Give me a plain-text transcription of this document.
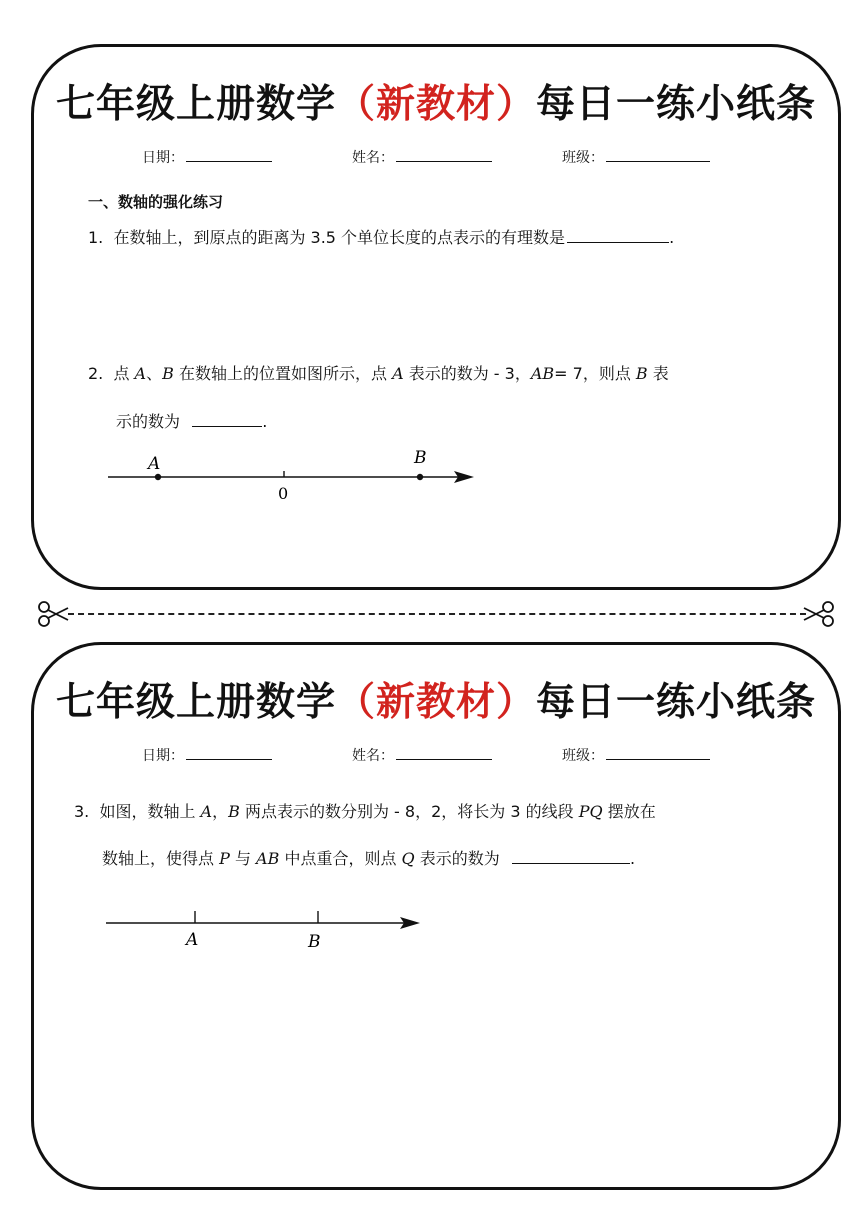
七年级上册数学（新教材）每日一练小纸条
日期：	姓名：	班级：
一、数轴的强化练习
1. 在数轴上，到原点的距离为 3.5 个单位长度的点表示的有理数是	.
2. 点 A、B 在数轴上的位置如图所示，点 A 表示的数为 - 3，AB= 7，则点 B 表
示的数为	.
A	B
0
七年级上册数学（新教材）每日一练小纸条
日期：	姓名：	班级：
3. 如图，数轴上 A，B 两点表示的数分别为 - 8，2，将长为 3 的线段 PQ 摆放在
数轴上，使得点 P 与 AB 中点重合，则点 Q 表示的数为	.
A	B
